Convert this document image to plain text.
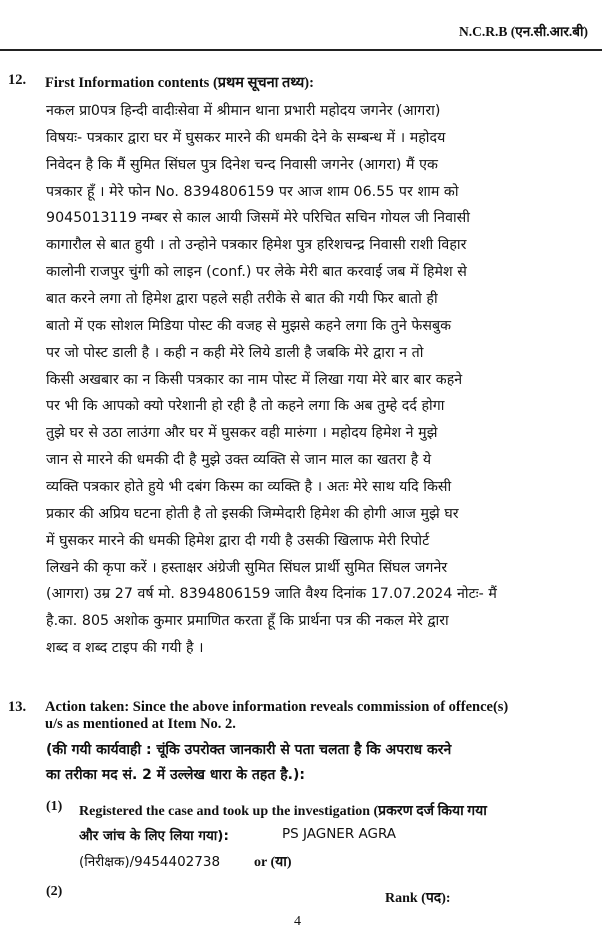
N.C.R.B (एन.सी.आर.बी)
12. First Information contents (प्रथम सूचना तथ्य):
नकल प्रा0पत्र हिन्दी वादीःसेवा में श्रीमान थाना प्रभारी महोदय जगनेर (आगरा)
विषयः- पत्रकार द्वारा घर में घुसकर मारने की धमकी देने के सम्बन्ध में । महोदय
निवेदन है कि मैं सुमित सिंघल पुत्र दिनेश चन्द निवासी जगनेर (आगरा) मैं एक
पत्रकार हूँ । मेरे फोन No. 8394806159 पर आज शाम 06.55 पर शाम को
9045013119 नम्बर से काल आयी जिसमें मेरे परिचित सचिन गोयल जी निवासी
कागारौल से बात हुयी । तो उन्होने पत्रकार हिमेश पुत्र हरिशचन्द्र निवासी राशी विहार
कालोनी राजपुर चुंगी को लाइन (conf.) पर लेके मेरी बात करवाई जब में हिमेश से
बात करने लगा तो हिमेश द्वारा पहले सही तरीके से बात की गयी फिर बातो ही
बातो में एक सोशल मिडिया पोस्ट की वजह से मुझसे कहने लगा कि तुने फेसबुक
पर जो पोस्ट डाली है । कही न कही मेरे लिये डाली है जबकि मेरे द्वारा न तो
किसी अखबार का न किसी पत्रकार का नाम पोस्ट में लिखा गया मेरे बार बार कहने
पर भी कि आपको क्यो परेशानी हो रही है तो कहने लगा कि अब तुम्हे दर्द होगा
तुझे घर से उठा लाउंगा और घर में घुसकर वही मारुंगा । महोदय हिमेश ने मुझे
जान से मारने की धमकी दी है मुझे उक्त व्यक्ति से जान माल का खतरा है ये
व्यक्ति पत्रकार होते हुये भी दबंग किस्म का व्यक्ति है । अतः मेरे साथ यदि किसी
प्रकार की अप्रिय घटना होती है तो इसकी जिम्मेदारी हिमेश की होगी आज मुझे घर
में घुसकर मारने की धमकी हिमेश द्वारा दी गयी है उसकी खिलाफ मेरी रिपोर्ट
लिखने की कृपा करें । हस्ताक्षर अंग्रेजी सुमित सिंघल प्रार्थी सुमित सिंघल जगनेर
(आगरा) उम्र 27 वर्ष मो. 8394806159 जाति वैश्य दिनांक 17.07.2024 नोटः- मैं
है.का. 805 अशोक कुमार प्रमाणित करता हूँ कि प्रार्थना पत्र की नकल मेरे द्वारा
शब्द व शब्द टाइप की गयी है ।
13. Action taken: Since the above information reveals commission of offence(s)
u/s as mentioned at Item No. 2.
(की गयी कार्यवाही : चूंकि उपरोक्त जानकारी से पता चलता है कि अपराध करने
का तरीका मद सं. 2 में उल्लेख धारा के तहत है.):
(1) Registered the case and took up the investigation (प्रकरण दर्ज किया गया
और जांच के लिए लिया गया):	PS JAGNER AGRA
(निरीक्षक)/9454402738 or (या)
(2)	Rank (पद):
4
